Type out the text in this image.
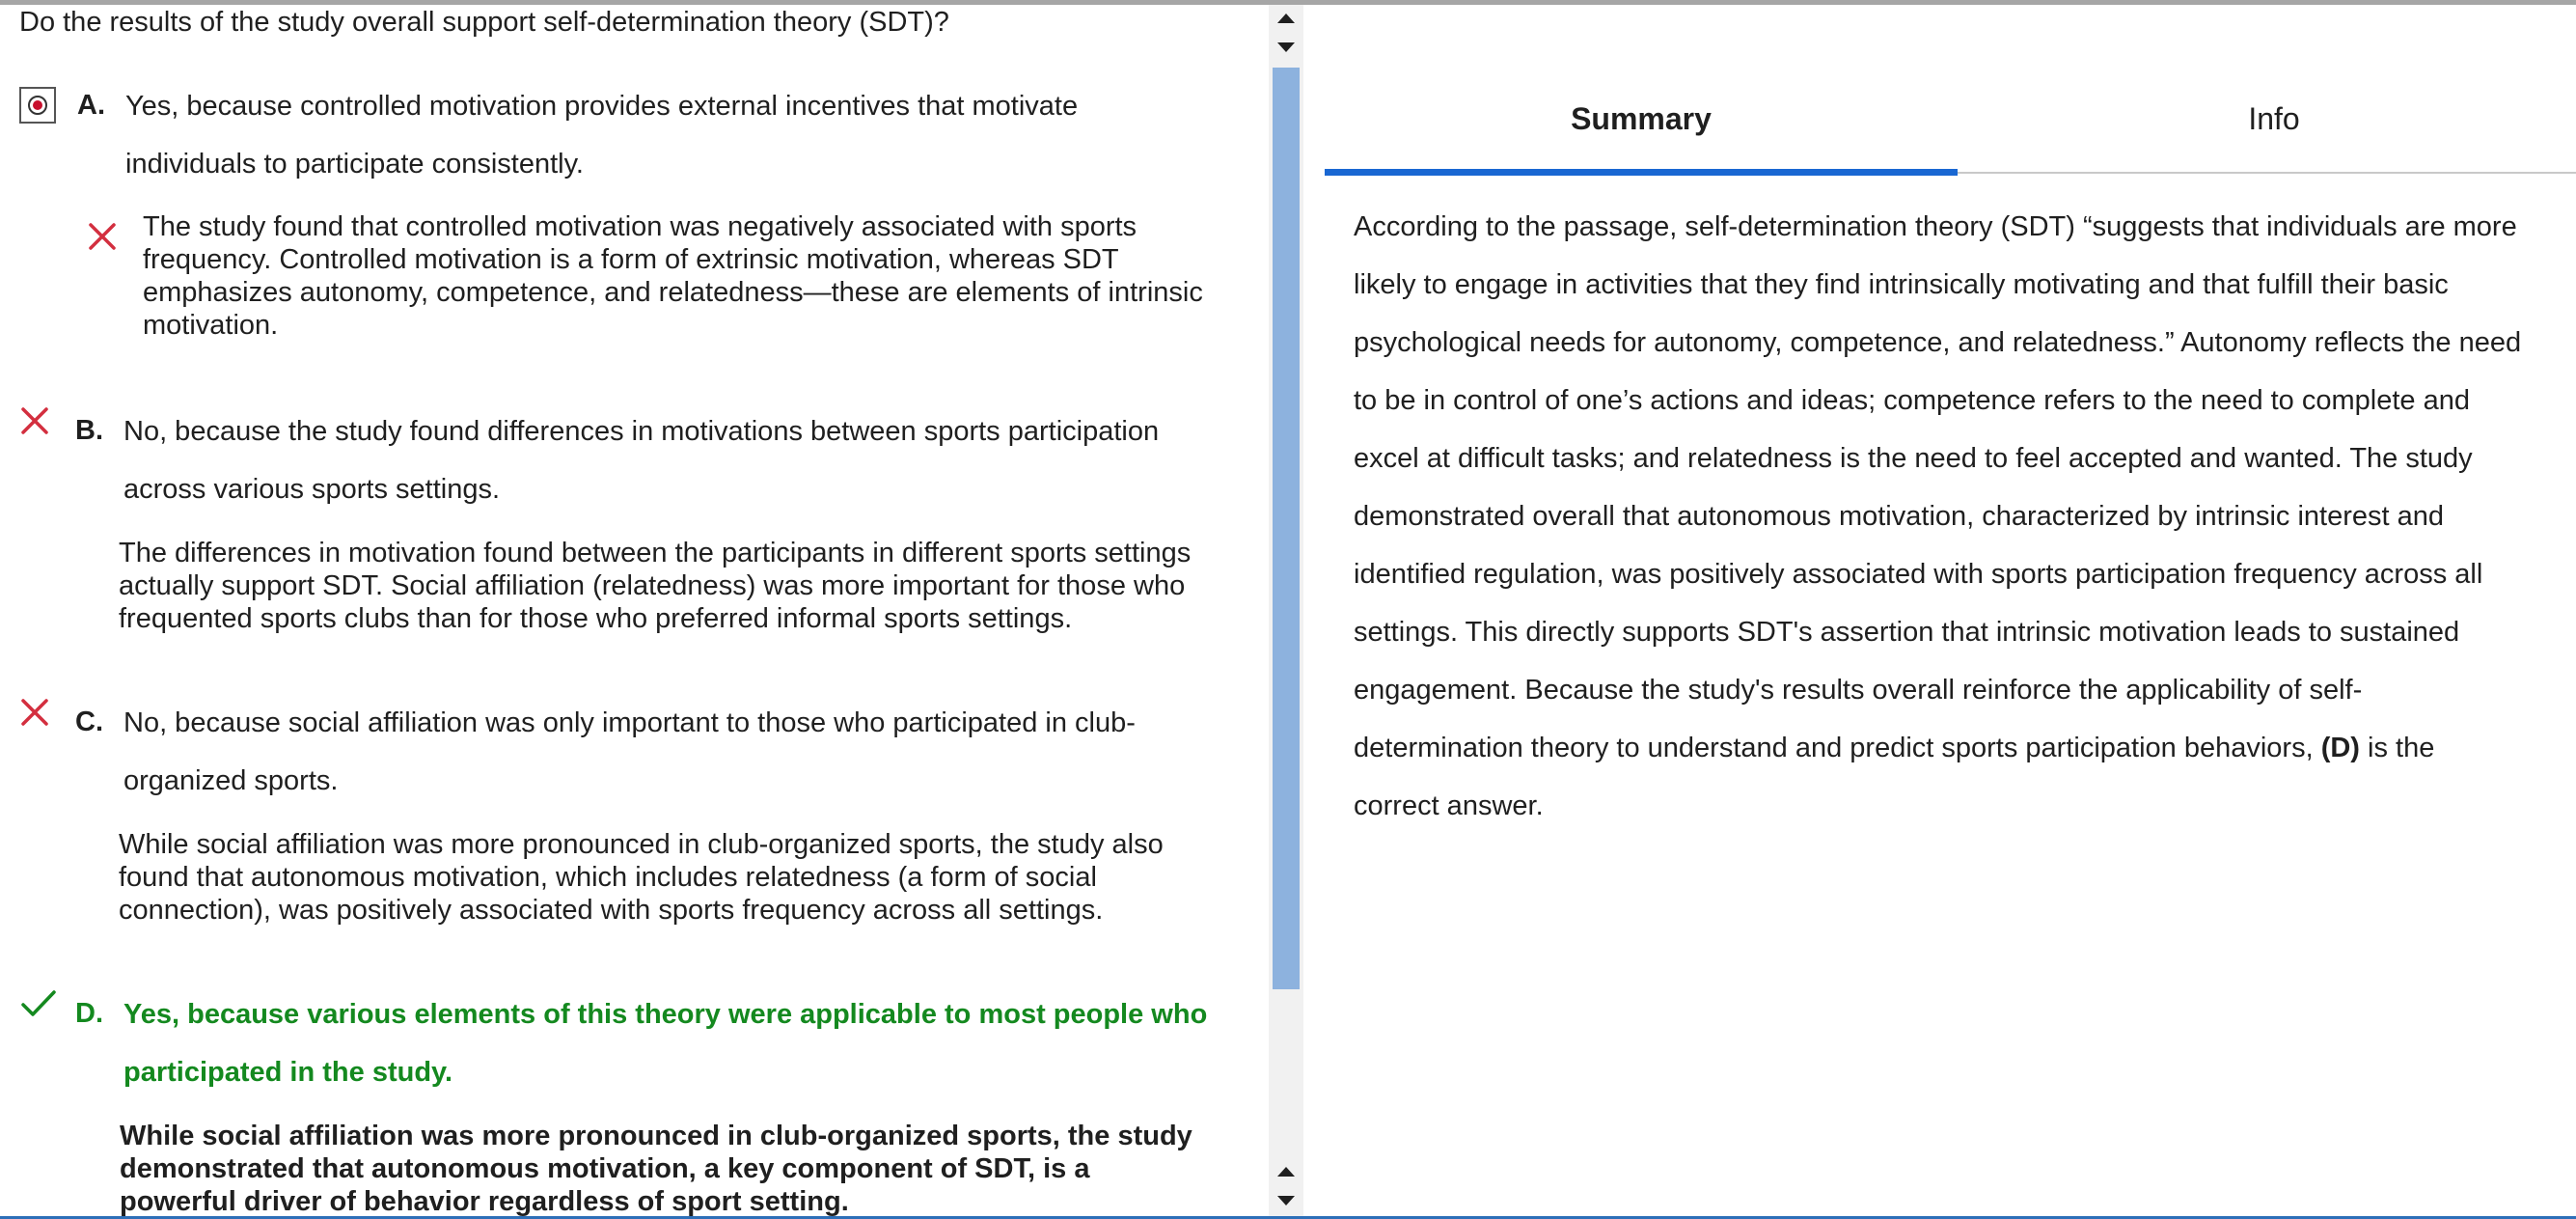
Do the results of the study overall support self-determination theory (SDT)?
A. Yes, because controlled motivation provides external incentives that motivate
individuals to participate consistently.
The study found that controlled motivation was negatively associated with sports
frequency. Controlled motivation is a form of extrinsic motivation, whereas SDT
emphasizes autonomy, competence, and relatedness—these are elements of intrinsic
motivation.
B. No, because the study found differences in motivations between sports participation
across various sports settings.
The differences in motivation found between the participants in different sports settings
actually support SDT. Social affiliation (relatedness) was more important for those who
frequented sports clubs than for those who preferred informal sports settings.
C. No, because social affiliation was only important to those who participated in club-
organized sports.
While social affiliation was more pronounced in club-organized sports, the study also
found that autonomous motivation, which includes relatedness (a form of social
connection), was positively associated with sports frequency across all settings.
D. Yes, because various elements of this theory were applicable to most people who
participated in the study.
While social affiliation was more pronounced in club-organized sports, the study
demonstrated that autonomous motivation, a key component of SDT, is a
powerful driver of behavior regardless of sport setting.
Summary	Info
According to the passage, self-determination theory (SDT) “suggests that individuals are more
likely to engage in activities that they find intrinsically motivating and that fulfill their basic
psychological needs for autonomy, competence, and relatedness.” Autonomy reflects the need
to be in control of one’s actions and ideas; competence refers to the need to complete and
excel at difficult tasks; and relatedness is the need to feel accepted and wanted. The study
demonstrated overall that autonomous motivation, characterized by intrinsic interest and
identified regulation, was positively associated with sports participation frequency across all
settings. This directly supports SDT's assertion that intrinsic motivation leads to sustained
engagement. Because the study's results overall reinforce the applicability of self-
determination theory to understand and predict sports participation behaviors, (D) is the
correct answer.
